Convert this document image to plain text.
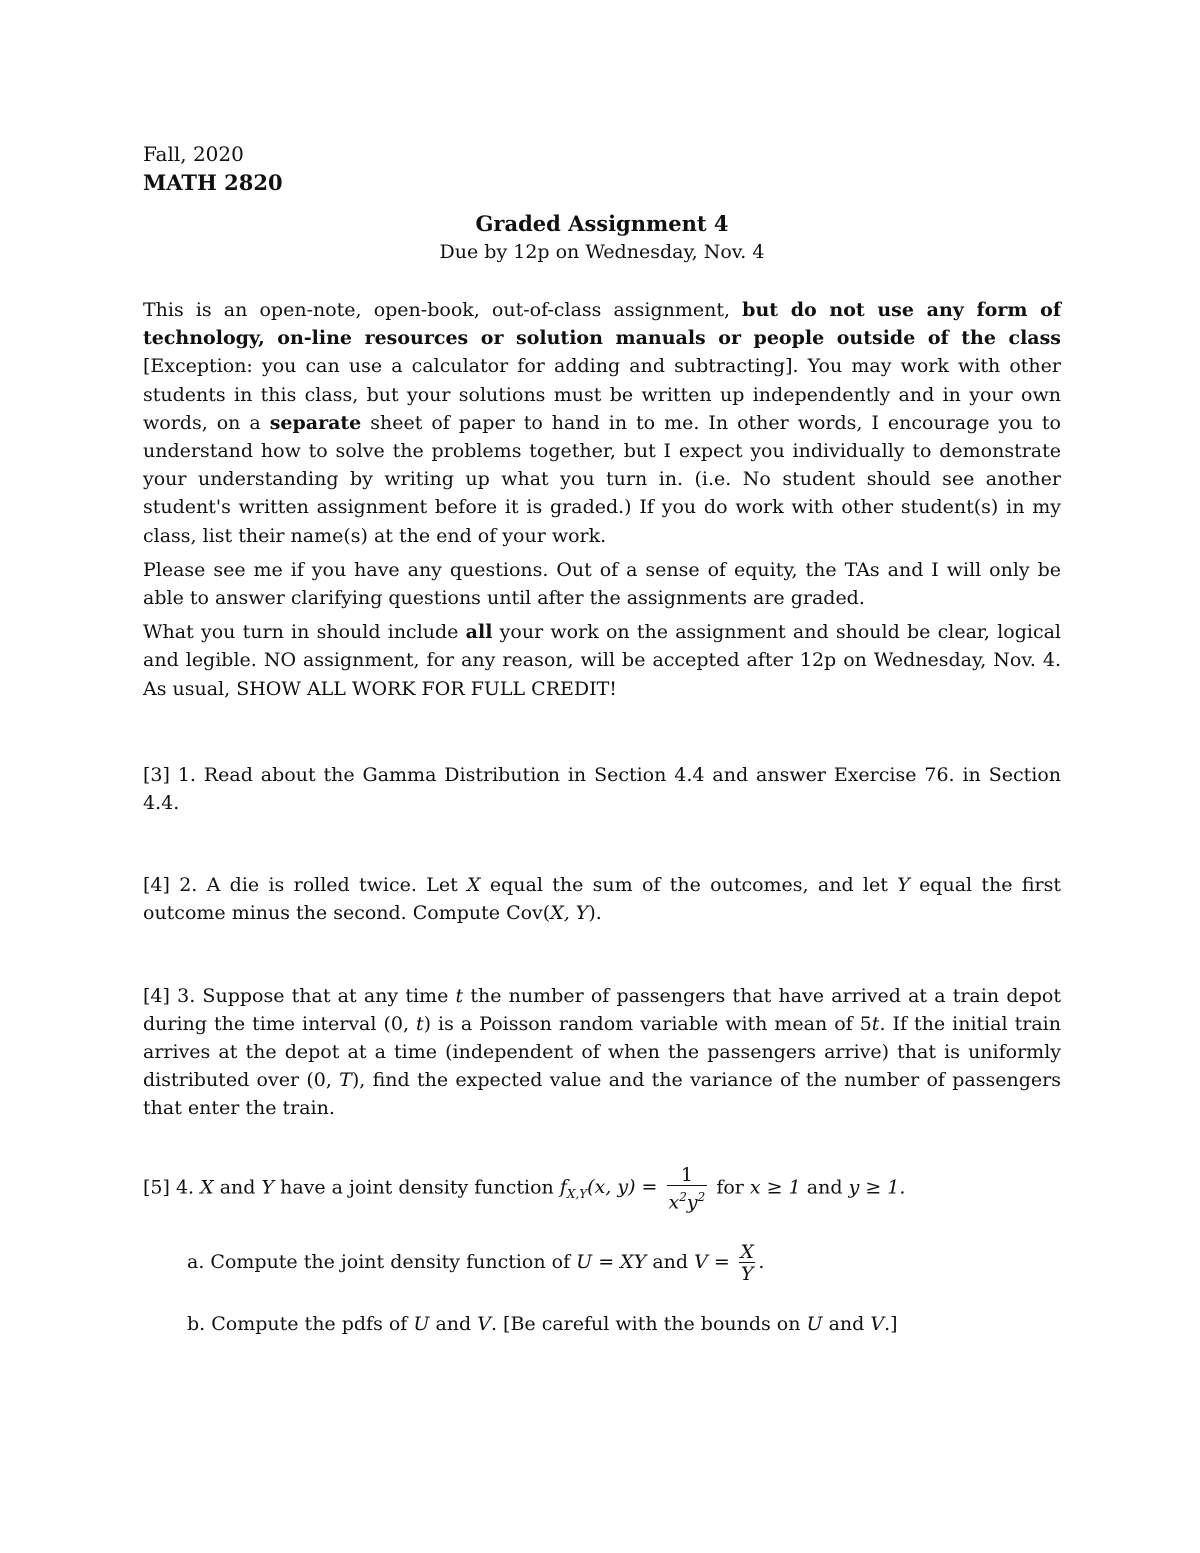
Fall, 2020
MATH 2820
Graded Assignment 4
Due by 12p on Wednesday, Nov. 4

This is an open-note, open-book, out-of-class assignment, but do not use any form of technology, on-line resources or solution manuals or people outside of the class [Exception: you can use a calculator for adding and subtracting]. You may work with other students in this class, but your solutions must be written up independently and in your own words, on a separate sheet of paper to hand in to me. In other words, I encourage you to understand how to solve the problems together, but I expect you individually to demonstrate your understanding by writing up what you turn in. (i.e. No student should see another student's written assignment before it is graded.) If you do work with other student(s) in my class, list their name(s) at the end of your work.

Please see me if you have any questions. Out of a sense of equity, the TAs and I will only be able to answer clarifying questions until after the assignments are graded.

What you turn in should include all your work on the assignment and should be clear, logical and legible. NO assignment, for any reason, will be accepted after 12p on Wednesday, Nov. 4. As usual, SHOW ALL WORK FOR FULL CREDIT!

[3] 1. Read about the Gamma Distribution in Section 4.4 and answer Exercise 76. in Section 4.4.

[4] 2. A die is rolled twice. Let X equal the sum of the outcomes, and let Y equal the first outcome minus the second. Compute Cov(X, Y).

[4] 3. Suppose that at any time t the number of passengers that have arrived at a train depot during the time interval (0, t) is a Poisson random variable with mean of 5t. If the initial train arrives at the depot at a time (independent of when the passengers arrive) that is uniformly distributed over (0, T), find the expected value and the variance of the number of passengers that enter the train.

[5] 4. X and Y have a joint density function $f_{X,Y}(x$, $y) = \frac{1}{x^2y^2}$ for x ≥ 1 and y ≥ 1.

a. Compute the joint density function of U = XY and $V = \frac{X}{Y}$ .

b. Compute the pdfs of U and V. [Be careful with the bounds on U and V.]
